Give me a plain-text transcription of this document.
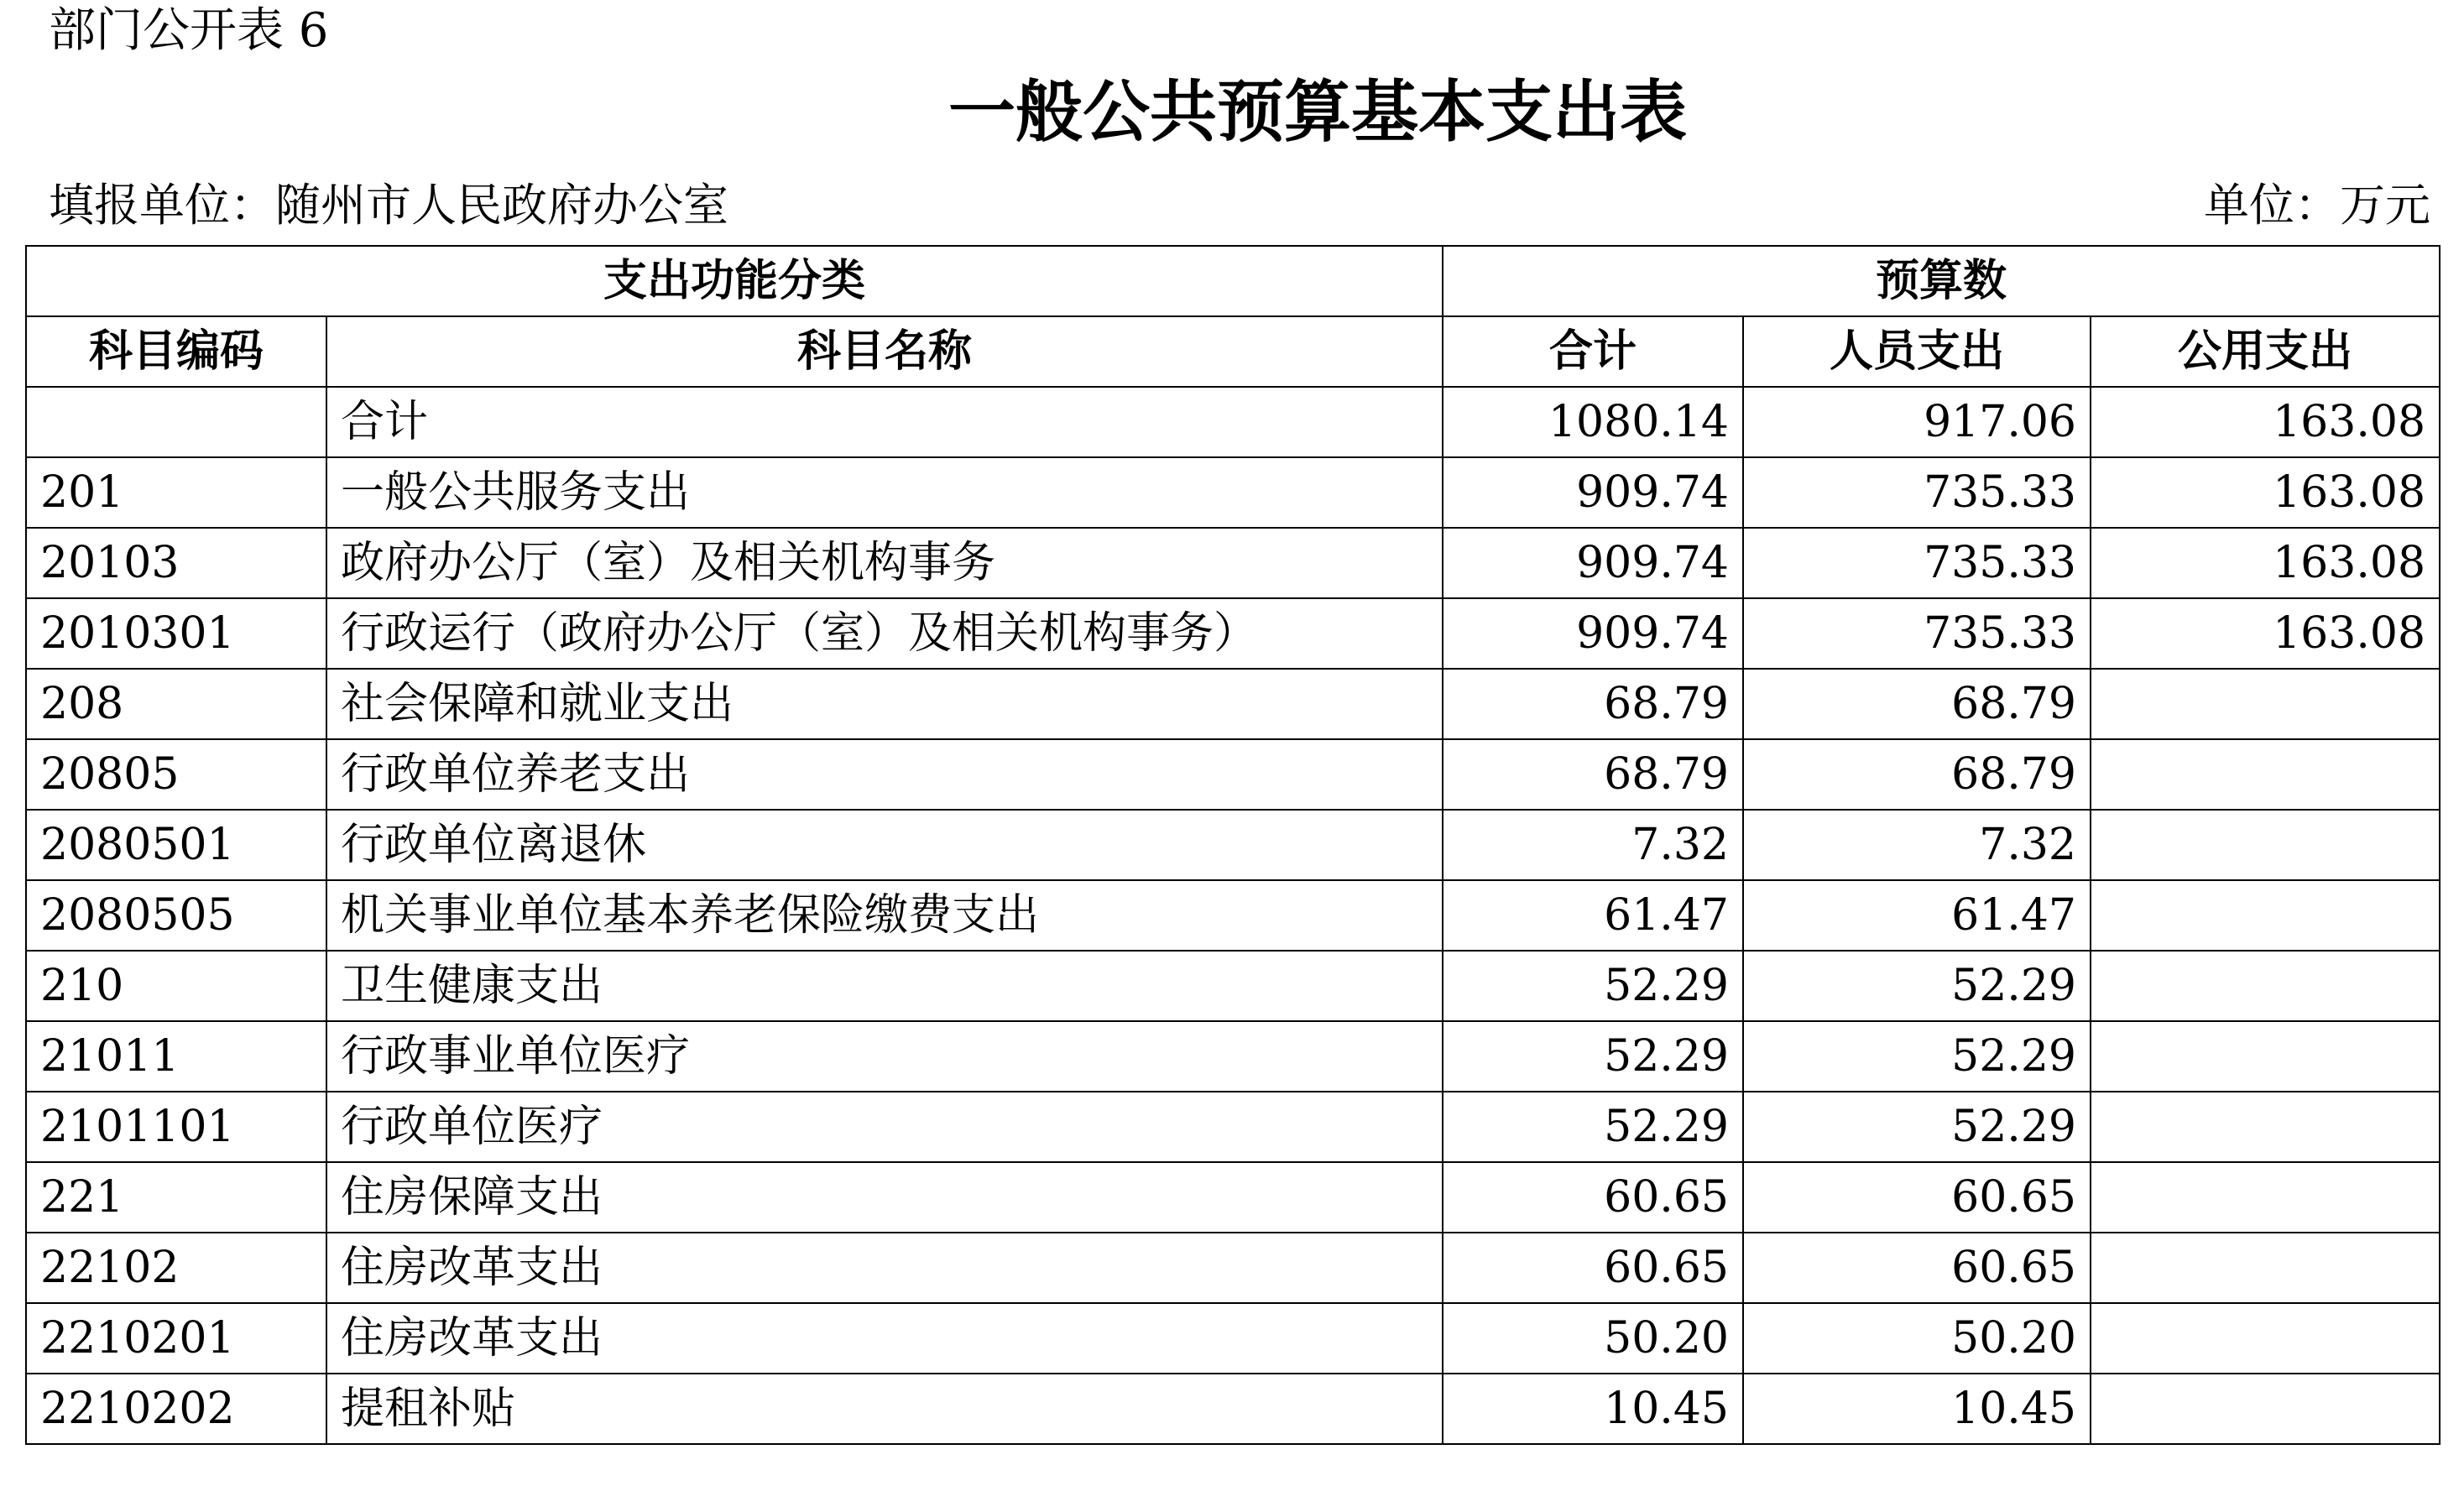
部门公开表 6
一般公共预算基本支出表
填报单位：随州市人民政府办公室	单位：万元
支出功能分类		预算数		
科目编码	科目名称	合计	人员支出	公用支出
	合计	1080.14	917.06	163.08
201	一般公共服务支出	909.74	735.33	163.08
20103	政府办公厅（室）及相关机构事务	909.74	735.33	163.08
2010301	行政运行（政府办公厅（室）及相关机构事务）	909.74	735.33	163.08
208	社会保障和就业支出	68.79	68.79	
20805	行政单位养老支出	68.79	68.79	
2080501	行政单位离退休	7.32	7.32	
2080505	机关事业单位基本养老保险缴费支出	61.47	61.47	
210	卫生健康支出	52.29	52.29	
21011	行政事业单位医疗	52.29	52.29	
2101101	行政单位医疗	52.29	52.29	
221	住房保障支出	60.65	60.65	
22102	住房改革支出	60.65	60.65	
2210201	住房改革支出	50.20	50.20	
2210202	提租补贴	10.45	10.45	
